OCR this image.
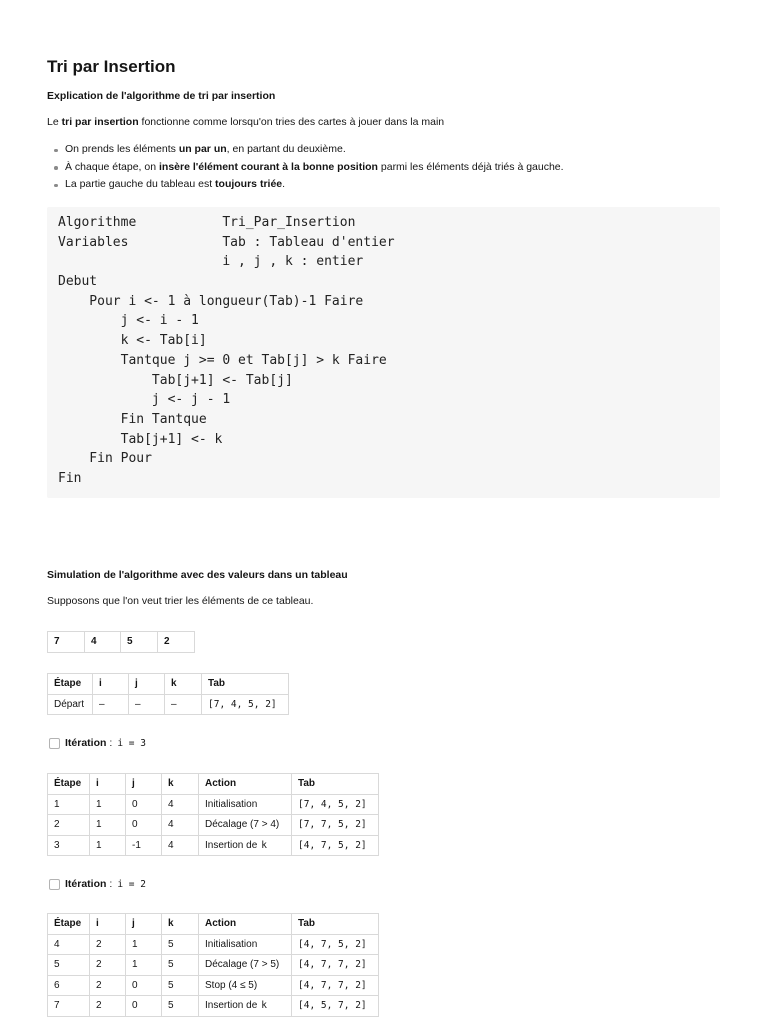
Tri par Insertion
Explication de l'algorithme de tri par insertion

Le tri par insertion fonctionne comme lorsqu'on tries des cartes à jouer dans la main

On prends les éléments un par un, en partant du deuxième.
À chaque étape, on insère l'élément courant à la bonne position parmi les éléments déjà triés à gauche.
La partie gauche du tableau est toujours triée.
Algorithme           Tri_Par_Insertion
Variables            Tab : Tableau d'entier
i , j , k : entier
Debut
Pour i <- 1 à longueur(Tab)-1 Faire
j <- i - 1
k <- Tab[i]
Tantque j >= 0 et Tab[j] > k Faire
Tab[j+1] <- Tab[j]
j <- j - 1
Fin Tantque
Tab[j+1] <- k
Fin Pour
Fin
Simulation de l'algorithme avec des valeurs dans un tableau

Supposons que l'on veut trier les éléments de ce tableau.

7	4	5	2
Étape	i	j	k	Tab
Départ	–	–	–	[7, 4, 5, 2]
Itération : i = 3
Étape	i	j	k	Action	Tab
1	1	0	4	Initialisation	[7, 4, 5, 2]
2	1	0	4	Décalage (7 > 4)	[7, 7, 5, 2]
3	1	-1	4	Insertion de k	[4, 7, 5, 2]
Itération : i = 2
Étape	i	j	k	Action	Tab
4	2	1	5	Initialisation	[4, 7, 5, 2]
5	2	1	5	Décalage (7 > 5)	[4, 7, 7, 2]
6	2	0	5	Stop (4 ≤ 5)	[4, 7, 7, 2]
7	2	0	5	Insertion de k	[4, 5, 7, 2]
